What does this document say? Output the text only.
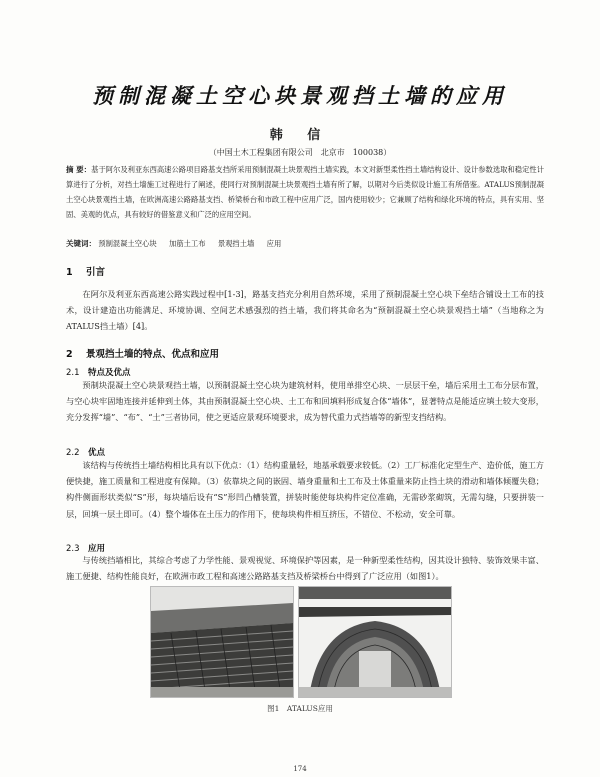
预制混凝土空心块景观挡土墙的应用
韩 信
（中国土木工程集团有限公司　北京市　100038）

摘 要：基于阿尔及利亚东西高速公路项目路基支挡所采用预制混凝土块景观挡土墙实践，本文对新型柔性挡土墙结构设计、设计参数选取和稳定性计算进行了分析，对挡土墙施工过程进行了阐述，使同行对预制混凝土块景观挡土墙有所了解，以期对今后类似设计施工有所借鉴。ATALUS预制混凝土空心块景观挡土墙，在欧洲高速公路路基支挡、桥梁桥台和市政工程中应用广泛，国内使用较少；它兼顾了结构和绿化环境的特点，具有实用、坚固、美观的优点，具有较好的借鉴意义和广泛的应用空间。

关键词： 预制混凝土空心块 加筋土工布 景观挡土墙 应用

1 引言

在阿尔及利亚东西高速公路实践过程中[1-3]，路基支挡充分利用自然环境，采用了预制混凝土空心块下垒结合铺设土工布的技术，设计建造出功能满足、环境协调、空间艺术感强烈的挡土墙，我们将其命名为“预制混凝土空心块景观挡土墙”（当地称之为ATALUS挡土墙）[4]。

2 景观挡土墙的特点、优点和应用
2.1 特点及优点

预制块混凝土空心块景观挡土墙，以预制混凝土空心块为建筑材料，使用单排空心块、一层层干垒，墙后采用土工布分层布置，与空心块牢固地连接并延伸到土体，其由预制混凝土空心块、土工布和回填料形成复合体“墙体”，显著特点是能适应填土较大变形，充分发挥“墙”、“布”、“土”三者协同，使之更适应景观环境要求，成为替代重力式挡墙等的新型支挡结构。

2.2 优点

该结构与传统挡土墙结构相比具有以下优点：（1）结构重量轻，地基承载要求较低。（2）工厂标准化定型生产、造价低，施工方便快捷，施工质量和工程进度有保障。（3）依靠块之间的嵌固、墙身重量和土工布及土体重量来防止挡土块的滑动和墙体倾覆失稳；构件侧面形状类似“S”形，每块墙后设有“S”形凹凸槽装置，拼装时能使每块构件定位准确，无需砂浆砌筑，无需勾缝，只要拼装一层，回填一层土即可。（4）整个墙体在土压力的作用下，使每块构件相互挤压，不错位、不松动，安全可靠。

2.3 应用

与传统挡墙相比，其综合考虑了力学性能、景观视觉、环境保护等因素，是一种新型柔性结构，因其设计独特、装饰效果丰富、施工便捷、结构性能良好，在欧洲市政工程和高速公路路基支挡及桥梁桥台中得到了广泛应用（如图1）。

图1　ATALUS应用
174
